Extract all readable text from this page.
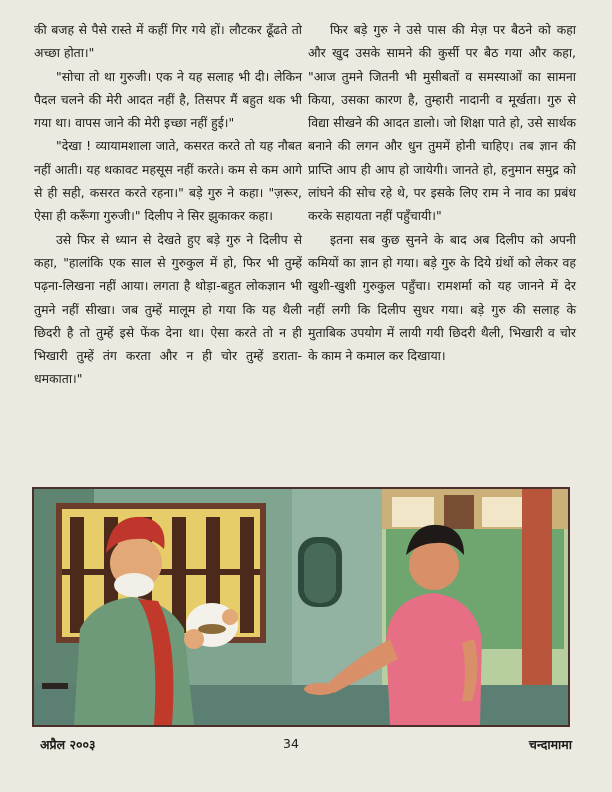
की बजह से पैसे रास्ते में कहीं गिर गये हों। लौटकर ढूँढते तो अच्छा होता।"

"सोचा तो था गुरुजी। एक ने यह सलाह भी दी। लेकिन पैदल चलने की मेरी आदत नहीं है, तिसपर मैं बहुत थक भी गया था। वापस जाने की मेरी इच्छा नहीं हुई।"

"देखा ! व्यायामशाला जाते, कसरत करते तो यह नौबत नहीं आती। यह थकावट महसूस नहीं करते। कम से कम आगे से ही सही, कसरत करते रहना।" बड़े गुरु ने कहा। "ज़रूर, ऐसा ही करूँगा गुरुजी।" दिलीप ने सिर झुकाकर कहा।

उसे फिर से ध्यान से देखते हुए बड़े गुरु ने दिलीप से कहा, "हालांकि एक साल से गुरुकुल में हो, फिर भी तुम्हें पढ़ना-लिखना नहीं आया। लगता है थोड़ा-बहुत लोकज्ञान भी तुमने नहीं सीखा। जब तुम्हें मालूम हो गया कि यह थैली छिदरी है तो तुम्हें इसे फेंक देना था। ऐसा करते तो न ही भिखारी तुम्हें तंग करता और न ही चोर तुम्हें डराता-धमकाता।"

फिर बड़े गुरु ने उसे पास की मेज़ पर बैठने को कहा और खुद उसके सामने की कुर्सी पर बैठ गया और कहा, "आज तुमने जितनी भी मुसीबतों व समस्याओं का सामना किया, उसका कारण है, तुम्हारी नादानी व मूर्खता। गुरु से विद्या सीखने की आदत डालो। जो शिक्षा पाते हो, उसे सार्थक बनाने की लगन और धुन तुममें होनी चाहिए। तब ज्ञान की प्राप्ति आप ही आप हो जायेगी। जानते हो, हनुमान समुद्र को लांघने की सोच रहे थे, पर इसके लिए राम ने नाव का प्रबंध करके सहायता नहीं पहुँचायी।"

इतना सब कुछ सुनने के बाद अब दिलीप को अपनी कमियों का ज्ञान हो गया। बड़े गुरु के दिये ग्रंथों को लेकर वह खुशी-खुशी गुरुकुल पहुँचा। रामशर्मा को यह जानने में देर नहीं लगी कि दिलीप सुधर गया। बड़े गुरु की सलाह के मुताबिक उपयोग में लायी गयी छिदरी थैली, भिखारी व चोर के काम ने कमाल कर दिखाया।

अप्रैल २००३	34	चन्दामामा
